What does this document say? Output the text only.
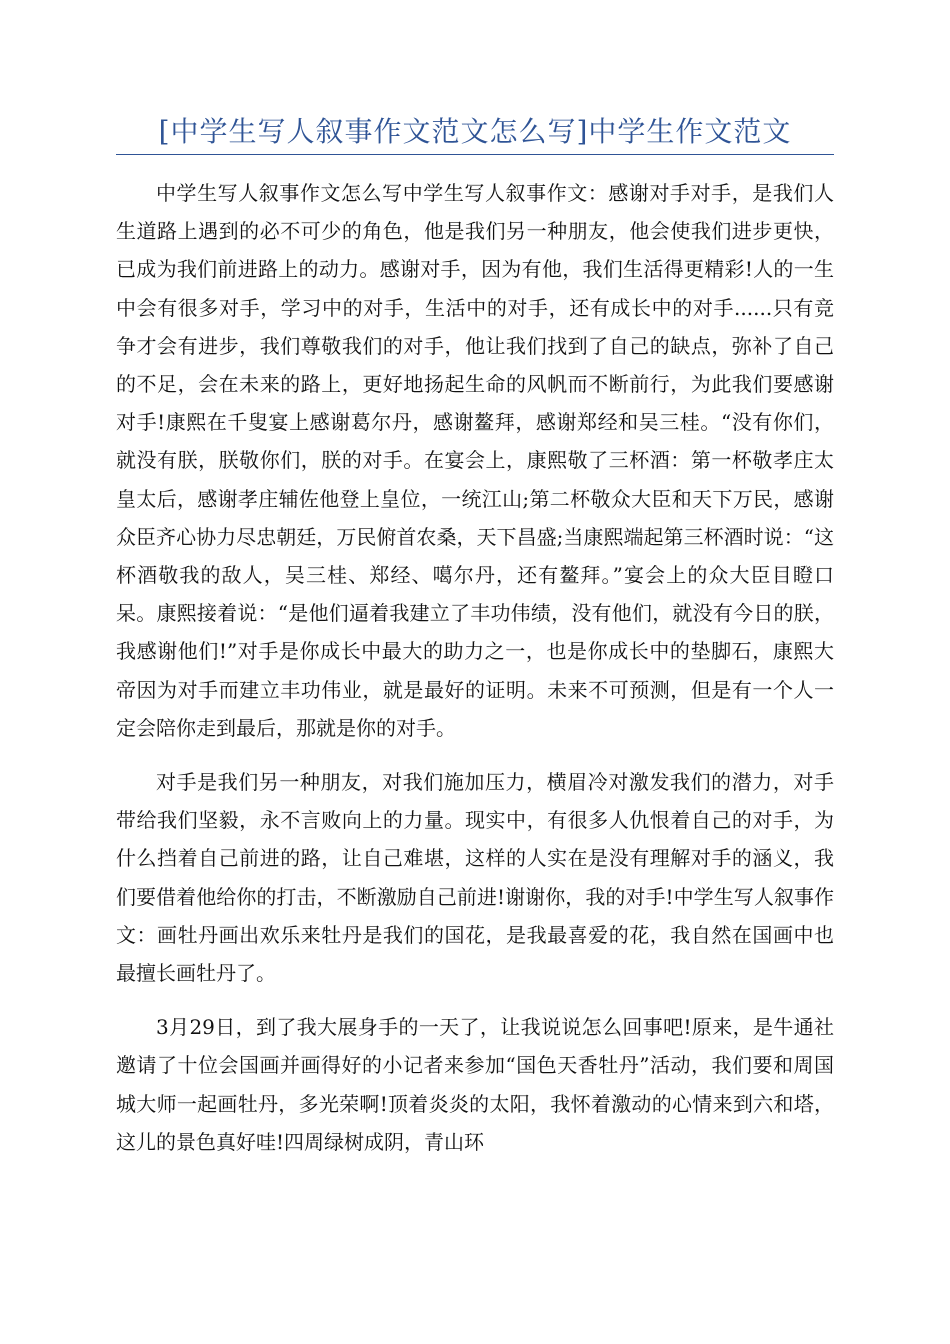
[中学生写人叙事作文范文怎么写]中学生作文范文

中学生写人叙事作文怎么写中学生写人叙事作文：感谢对手对手，是我们人生道路上遇到的必不可少的角色，他是我们另一种朋友，他会使我们进步更快，已成为我们前进路上的动力。感谢对手，因为有他，我们生活得更精彩!人的一生中会有很多对手，学习中的对手，生活中的对手，还有成长中的对手......只有竞争才会有进步，我们尊敬我们的对手，他让我们找到了自己的缺点，弥补了自己的不足，会在未来的路上，更好地扬起生命的风帆而不断前行，为此我们要感谢对手!康熙在千叟宴上感谢葛尔丹，感谢鳌拜，感谢郑经和吴三桂。“没有你们，就没有朕，朕敬你们，朕的对手。在宴会上，康熙敬了三杯酒：第一杯敬孝庄太皇太后，感谢孝庄辅佐他登上皇位，一统江山;第二杯敬众大臣和天下万民，感谢众臣齐心协力尽忠朝廷，万民俯首农桑，天下昌盛;当康熙端起第三杯酒时说：“这杯酒敬我的敌人，吴三桂、郑经、噶尔丹，还有鳌拜。”宴会上的众大臣目瞪口呆。康熙接着说：“是他们逼着我建立了丰功伟绩，没有他们，就没有今日的朕，我感谢他们!”对手是你成长中最大的助力之一，也是你成长中的垫脚石，康熙大帝因为对手而建立丰功伟业，就是最好的证明。未来不可预测，但是有一个人一定会陪你走到最后，那就是你的对手。

对手是我们另一种朋友，对我们施加压力，横眉冷对激发我们的潜力，对手带给我们坚毅，永不言败向上的力量。现实中，有很多人仇恨着自己的对手，为什么挡着自己前进的路，让自己难堪，这样的人实在是没有理解对手的涵义，我们要借着他给你的打击，不断激励自己前进!谢谢你，我的对手!中学生写人叙事作文：画牡丹画出欢乐来牡丹是我们的国花，是我最喜爱的花，我自然在国画中也最擅长画牡丹了。

3月29日，到了我大展身手的一天了，让我说说怎么回事吧!原来，是牛通社邀请了十位会国画并画得好的小记者来参加“国色天香牡丹”活动，我们要和周国城大师一起画牡丹，多光荣啊!顶着炎炎的太阳，我怀着激动的心情来到六和塔，这儿的景色真好哇!四周绿树成阴，青山环
